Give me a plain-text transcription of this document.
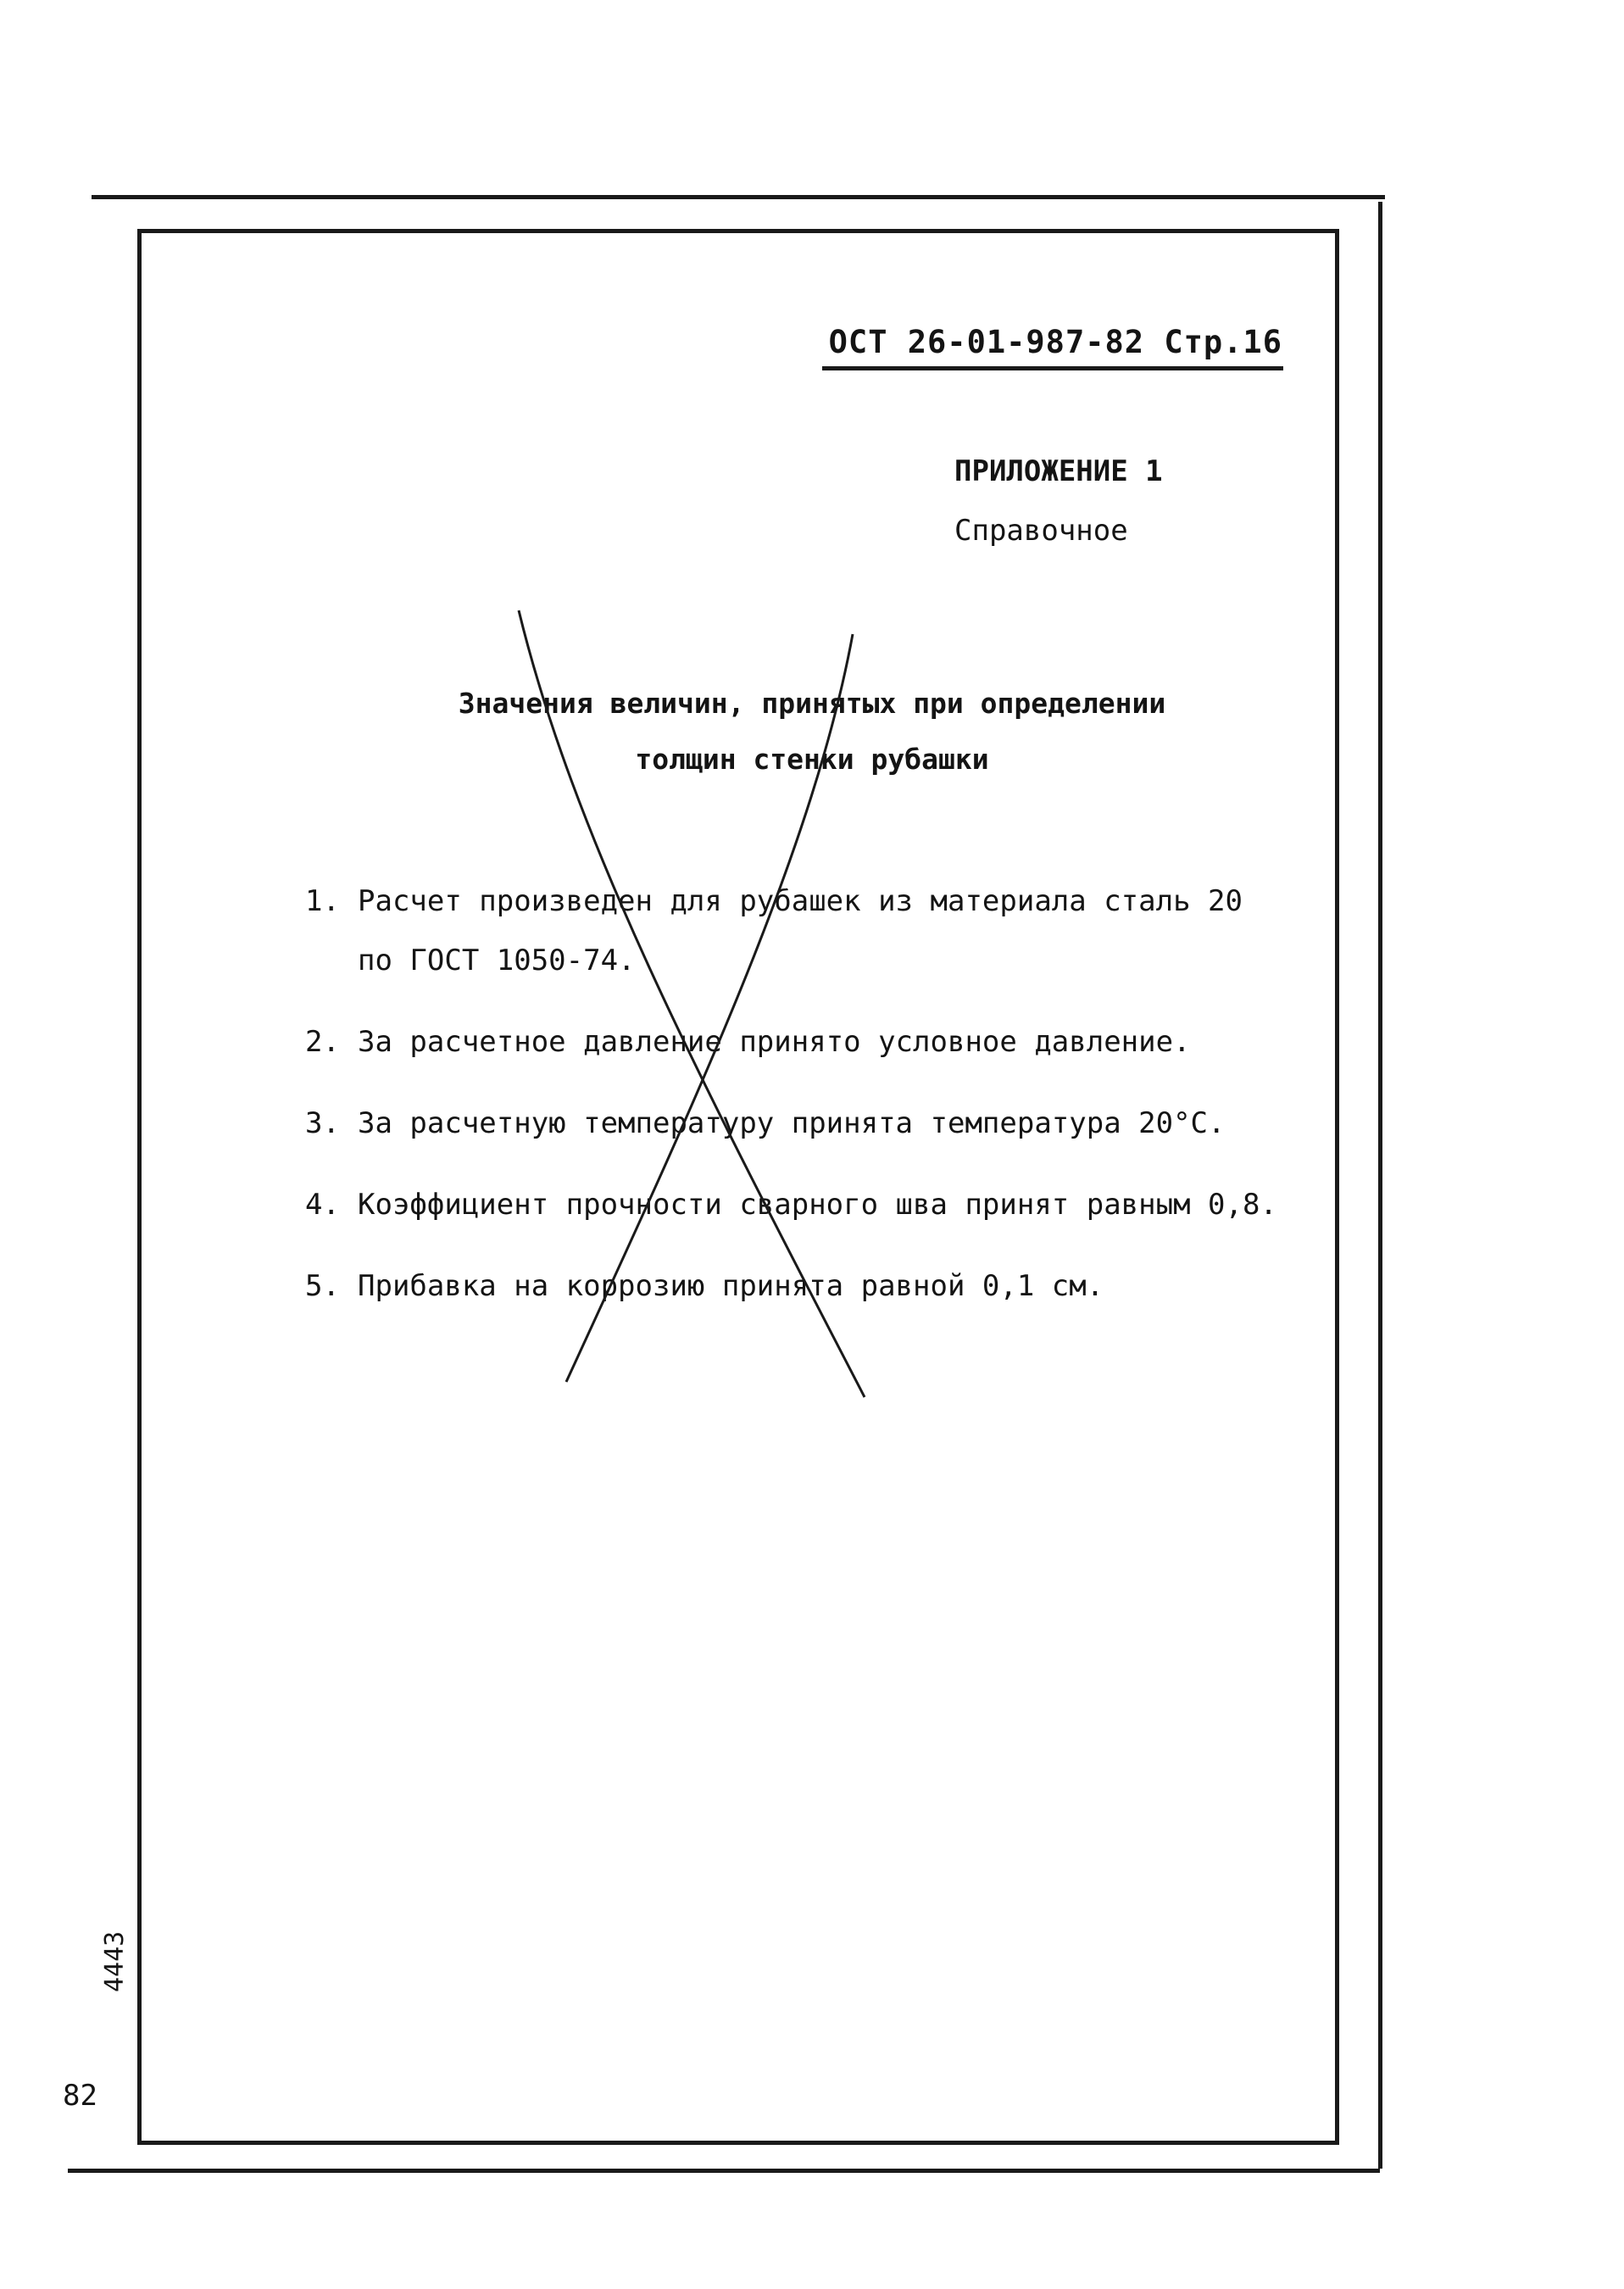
ОСТ 26-01-987-82 Стр.16
ПРИЛОЖЕНИЕ 1
Справочное
Значения величин, принятых при определении
толщин стенки рубашки
1. Расчет произведен для рубашек из материала сталь 20
по ГОСТ 1050-74.
2. За расчетное давление принято условное давление.
3. За расчетную температуру принята температура 20°С.
4. Коэффициент прочности сварного шва принят равным 0,8.
5. Прибавка на коррозию принята равной 0,1 см.
4443
82
